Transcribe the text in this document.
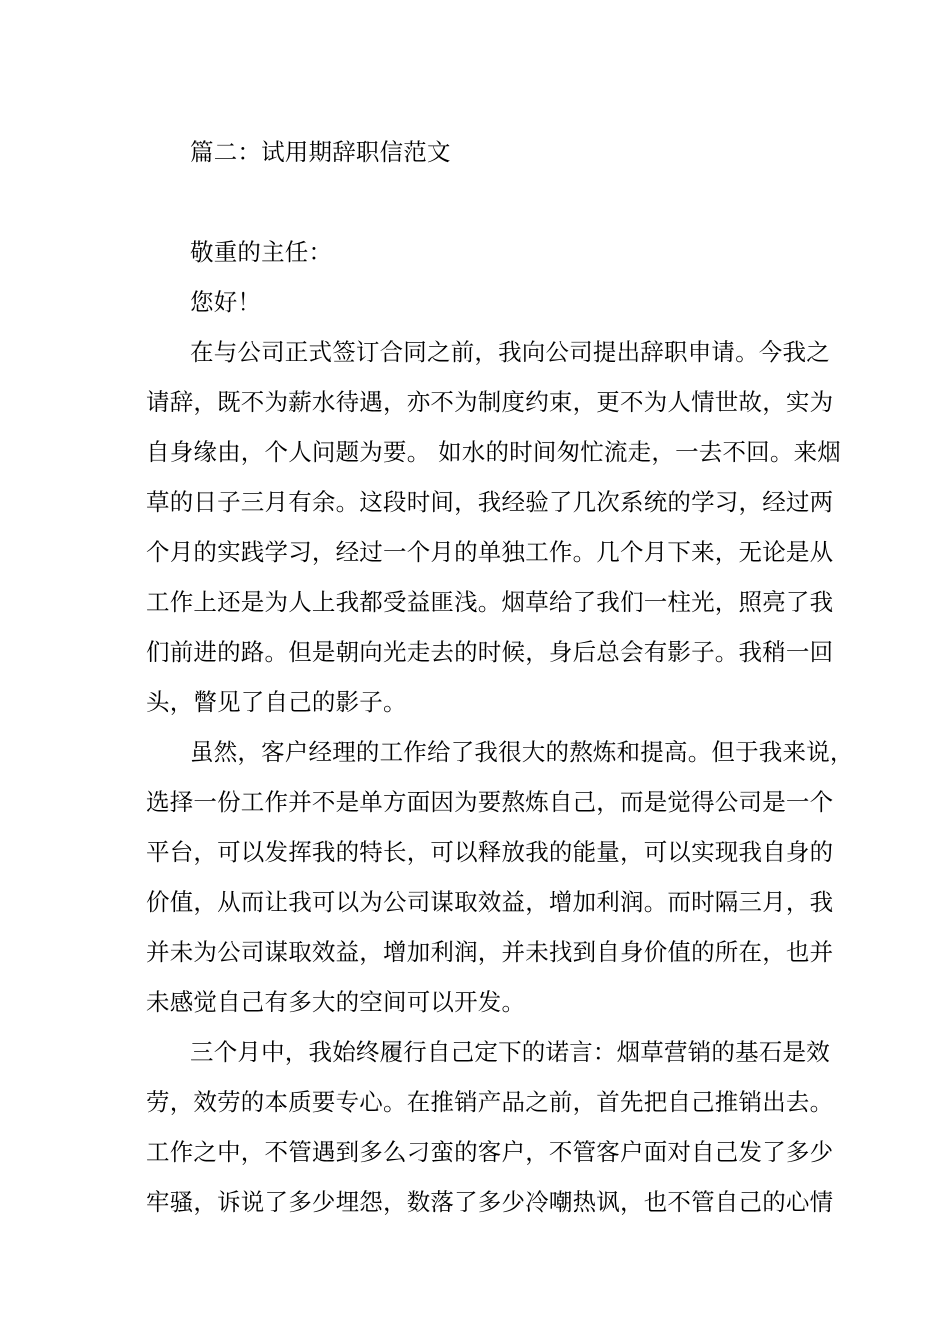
篇二：试用期辞职信范文
敬重的主任：
您好！
在与公司正式签订合同之前，我向公司提出辞职申请。今我之
请辞，既不为薪水待遇，亦不为制度约束，更不为人情世故，实为
自身缘由，个人问题为要。 如水的时间匆忙流走，一去不回。来烟
草的日子三月有余。这段时间，我经验了几次系统的学习，经过两
个月的实践学习，经过一个月的单独工作。几个月下来，无论是从
工作上还是为人上我都受益匪浅。烟草给了我们一柱光，照亮了我
们前进的路。但是朝向光走去的时候，身后总会有影子。我稍一回
头，瞥见了自己的影子。
虽然，客户经理的工作给了我很大的熬炼和提高。但于我来说，
选择一份工作并不是单方面因为要熬炼自己，而是觉得公司是一个
平台，可以发挥我的特长，可以释放我的能量，可以实现我自身的
价值，从而让我可以为公司谋取效益，增加利润。而时隔三月，我
并未为公司谋取效益，增加利润，并未找到自身价值的所在，也并
未感觉自己有多大的空间可以开发。
三个月中，我始终履行自己定下的诺言：烟草营销的基石是效
劳，效劳的本质要专心。在推销产品之前，首先把自己推销出去。
工作之中，不管遇到多么刁蛮的客户，不管客户面对自己发了多少
牢骚，诉说了多少埋怨，数落了多少冷嘲热讽，也不管自己的心情
